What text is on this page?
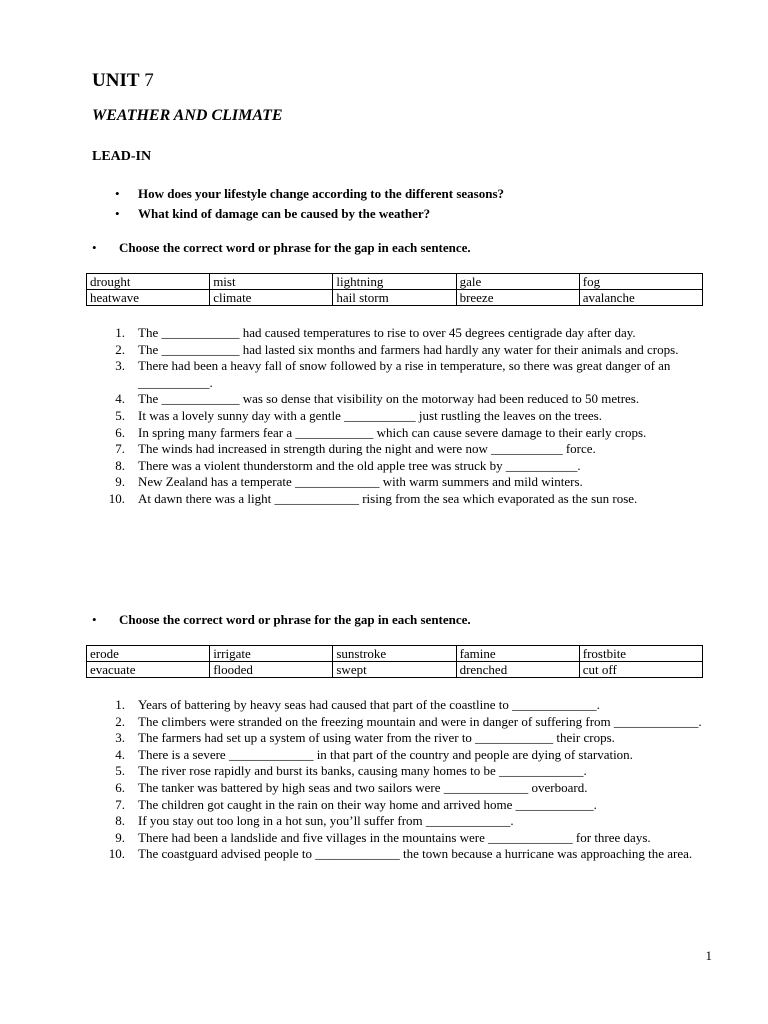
UNIT 7
WEATHER AND CLIMATE
LEAD-IN
• How does your lifestyle change according to the different seasons?
• What kind of damage can be caused by the weather?
• Choose the correct word or phrase for the gap in each sentence.
drought	mist	lightning	gale	fog
heatwave	climate	hail storm	breeze	avalanche
1. The ____________ had caused temperatures to rise to over 45 degrees centigrade day after day.
2. The ____________ had lasted six months and farmers had hardly any water for their animals and crops.
3. There had been a heavy fall of snow followed by a rise in temperature, so there was great danger of an ___________.
4. The ____________ was so dense that visibility on the motorway had been reduced to 50 metres.
5. It was a lovely sunny day with a gentle ___________ just rustling the leaves on the trees.
6. In spring many farmers fear a ____________ which can cause severe damage to their early crops.
7. The winds had increased in strength during the night and were now ___________ force.
8. There was a violent thunderstorm and the old apple tree was struck by ___________.
9. New Zealand has a temperate _____________ with warm summers and mild winters.
10. At dawn there was a light _____________ rising from the sea which evaporated as the sun rose.
• Choose the correct word or phrase for the gap in each sentence.
erode	irrigate	sunstroke	famine	frostbite
evacuate	flooded	swept	drenched	cut off
1. Years of battering by heavy seas had caused that part of the coastline to _____________.
2. The climbers were stranded on the freezing mountain and were in danger of suffering from _____________.
3. The farmers had set up a system of using water from the river to ____________ their crops.
4. There is a severe _____________ in that part of the country and people are dying of starvation.
5. The river rose rapidly and burst its banks, causing many homes to be _____________.
6. The tanker was battered by high seas and two sailors were _____________ overboard.
7. The children got caught in the rain on their way home and arrived home ____________.
8. If you stay out too long in a hot sun, you’ll suffer from _____________.
9. There had been a landslide and five villages in the mountains were _____________ for three days.
10. The coastguard advised people to _____________ the town because a hurricane was approaching the area.
1
